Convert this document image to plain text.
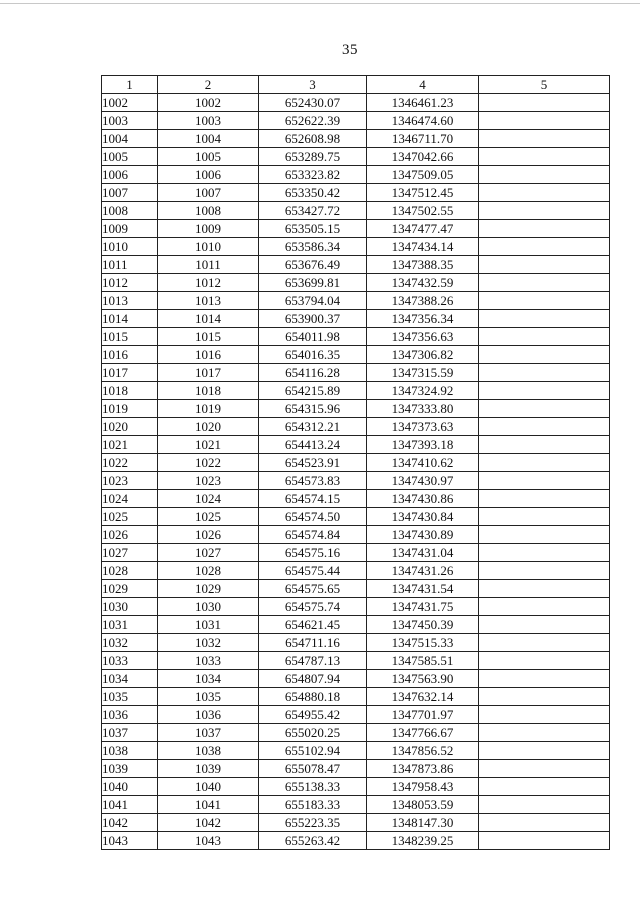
35
1	2	3	4	5
1002	1002	652430.07	1346461.23	
1003	1003	652622.39	1346474.60	
1004	1004	652608.98	1346711.70	
1005	1005	653289.75	1347042.66	
1006	1006	653323.82	1347509.05	
1007	1007	653350.42	1347512.45	
1008	1008	653427.72	1347502.55	
1009	1009	653505.15	1347477.47	
1010	1010	653586.34	1347434.14	
1011	1011	653676.49	1347388.35	
1012	1012	653699.81	1347432.59	
1013	1013	653794.04	1347388.26	
1014	1014	653900.37	1347356.34	
1015	1015	654011.98	1347356.63	
1016	1016	654016.35	1347306.82	
1017	1017	654116.28	1347315.59	
1018	1018	654215.89	1347324.92	
1019	1019	654315.96	1347333.80	
1020	1020	654312.21	1347373.63	
1021	1021	654413.24	1347393.18	
1022	1022	654523.91	1347410.62	
1023	1023	654573.83	1347430.97	
1024	1024	654574.15	1347430.86	
1025	1025	654574.50	1347430.84	
1026	1026	654574.84	1347430.89	
1027	1027	654575.16	1347431.04	
1028	1028	654575.44	1347431.26	
1029	1029	654575.65	1347431.54	
1030	1030	654575.74	1347431.75	
1031	1031	654621.45	1347450.39	
1032	1032	654711.16	1347515.33	
1033	1033	654787.13	1347585.51	
1034	1034	654807.94	1347563.90	
1035	1035	654880.18	1347632.14	
1036	1036	654955.42	1347701.97	
1037	1037	655020.25	1347766.67	
1038	1038	655102.94	1347856.52	
1039	1039	655078.47	1347873.86	
1040	1040	655138.33	1347958.43	
1041	1041	655183.33	1348053.59	
1042	1042	655223.35	1348147.30	
1043	1043	655263.42	1348239.25	
